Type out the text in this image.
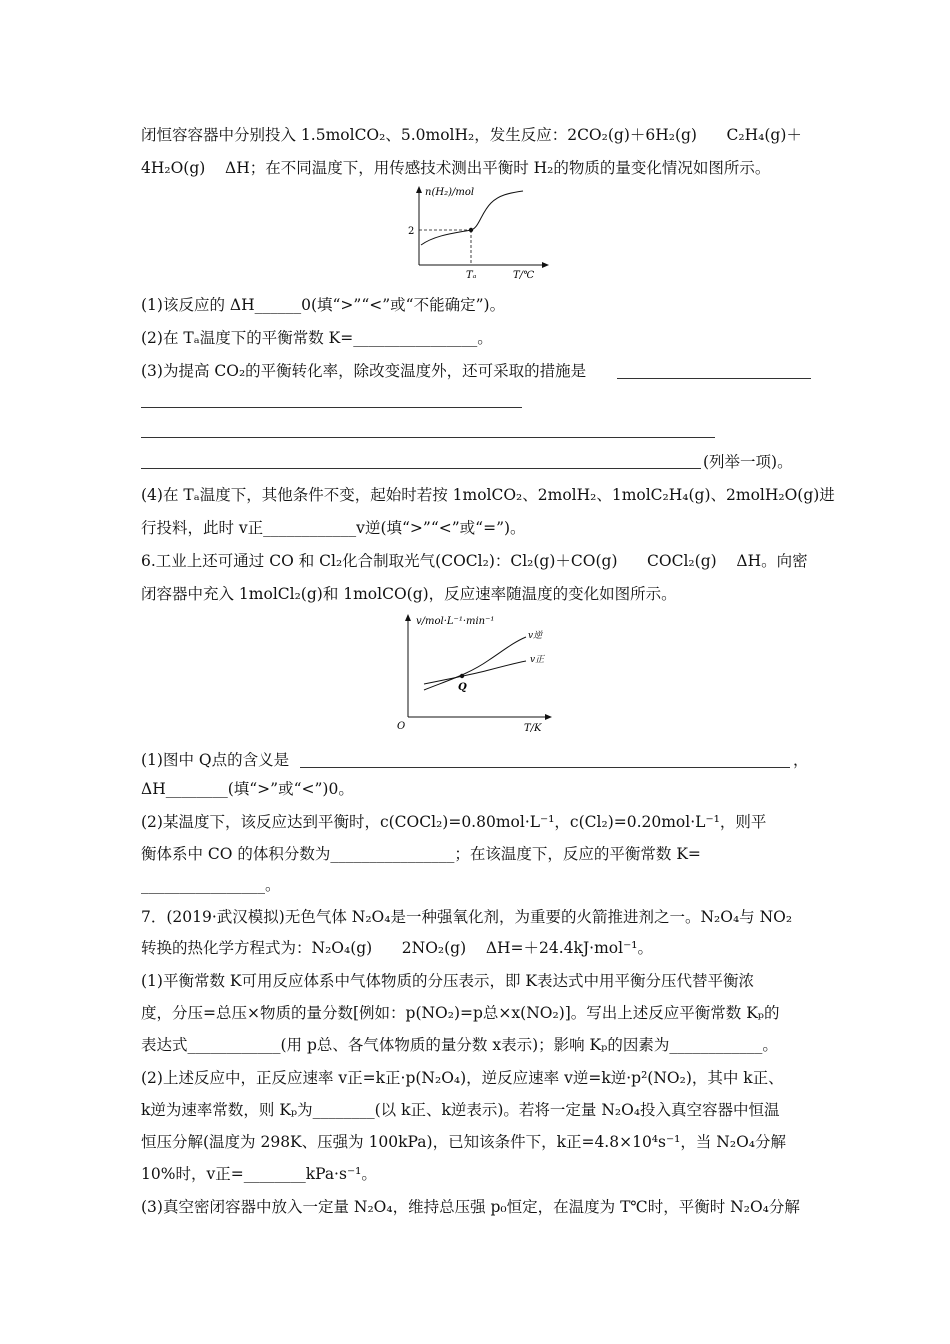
闭恒容容器中分别投入 1.5molCO₂、5.0molH₂，发生反应：2CO₂(g)＋6H₂(g)      C₂H₄(g)＋
4H₂O(g)    ΔH；在不同温度下，用传感技术测出平衡时 H₂的物质的量变化情况如图所示。
n(H₂)/mol
2
Tₐ	T/℃
(1)该反应的 ΔH______0(填“>”“<”或“不能确定”)。
(2)在 Tₐ温度下的平衡常数 K=________________。
(3)为提高 CO₂的平衡转化率，除改变温度外，还可采取的措施是
(列举一项)。
(4)在 Tₐ温度下，其他条件不变，起始时若按 1molCO₂、2molH₂、1molC₂H₄(g)、2molH₂O(g)进
行投料，此时 v正____________v逆(填“>”“<”或“=”)。
6.工业上还可通过 CO 和 Cl₂化合制取光气(COCl₂)：Cl₂(g)＋CO(g)      COCl₂(g)    ΔH。向密
闭容器中充入 1molCl₂(g)和 1molCO(g)，反应速率随温度的变化如图所示。
v/mol·L⁻¹·min⁻¹
v逆
v正
Q
O	T/K
(1)图中 Q点的含义是	，
ΔH________(填“>”或“<”)0。
(2)某温度下，该反应达到平衡时，c(COCl₂)=0.80mol·L⁻¹，c(Cl₂)=0.20mol·L⁻¹，则平
衡体系中 CO 的体积分数为________________；在该温度下，反应的平衡常数 K=
________________。
7．(2019·武汉模拟)无色气体 N₂O₄是一种强氧化剂，为重要的火箭推进剂之一。N₂O₄与 NO₂
转换的热化学方程式为：N₂O₄(g)      2NO₂(g)    ΔH=＋24.4kJ·mol⁻¹。
(1)平衡常数 K可用反应体系中气体物质的分压表示，即 K表达式中用平衡分压代替平衡浓
度，分压=总压×物质的量分数[例如：p(NO₂)=p总×x(NO₂)]。写出上述反应平衡常数 Kₚ的
表达式____________(用 p总、各气体物质的量分数 x表示)；影响 Kₚ的因素为____________。
(2)上述反应中，正反应速率 v正=k正·p(N₂O₄)，逆反应速率 v逆=k逆·p²(NO₂)，其中 k正、
k逆为速率常数，则 Kₚ为________(以 k正、k逆表示)。若将一定量 N₂O₄投入真空容器中恒温
恒压分解(温度为 298K、压强为 100kPa)，已知该条件下，k正=4.8×10⁴s⁻¹，当 N₂O₄分解
10%时，v正=________kPa·s⁻¹。
(3)真空密闭容器中放入一定量 N₂O₄，维持总压强 p₀恒定，在温度为 T℃时，平衡时 N₂O₄分解
